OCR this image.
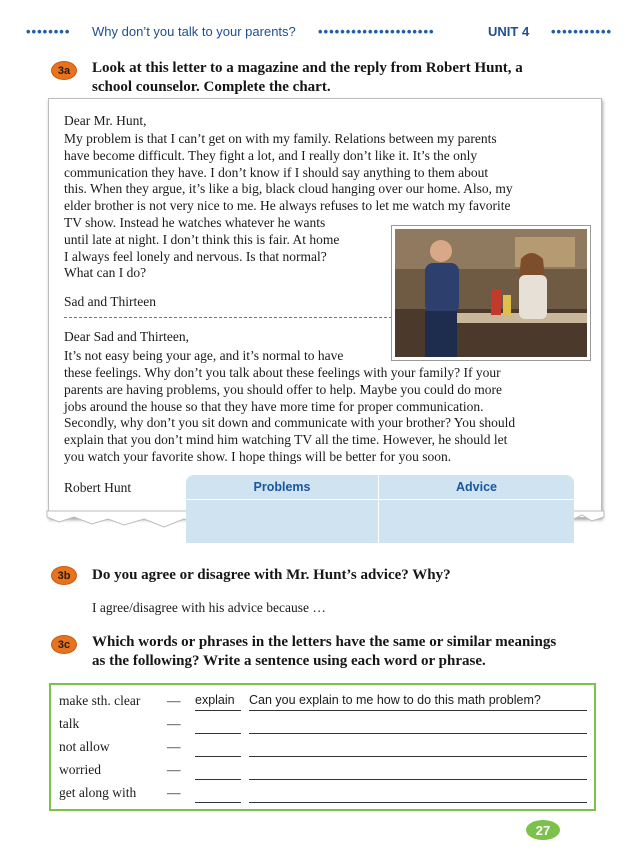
•••••••• Why don’t you talk to your parents? •••••••••••••••••••••	UNIT 4 •••••••••••
3a	Look at this letter to a magazine and the reply from Robert Hunt, a
school counselor. Complete the chart.
Dear Mr. Hunt,
My problem is that I can’t get on with my family. Relations between my parents
have become difficult. They fight a lot, and I really don’t like it. It’s the only
communication they have. I don’t know if I should say anything to them about
this. When they argue, it’s like a big, black cloud hanging over our home. Also, my
elder brother is not very nice to me. He always refuses to let me watch my favorite
TV show. Instead he watches whatever he wants
until late at night. I don’t think this is fair. At home
I always feel lonely and nervous. Is that normal?
What can I do?
Sad and Thirteen
Dear Sad and Thirteen,
It’s not easy being your age, and it’s normal to have
these feelings. Why don’t you talk about these feelings with your family? If your
parents are having problems, you should offer to help. Maybe you could do more
jobs around the house so that they have more time for proper communication.
Secondly, why don’t you sit down and communicate with your brother? You should
explain that you don’t mind him watching TV all the time. However, he should let
you watch your favorite show. I hope things will be better for you soon.
Robert Hunt	Problems	Advice
3b	Do you agree or disagree with Mr. Hunt’s advice? Why?
I agree/disagree with his advice because …
3c	Which words or phrases in the letters have the same or similar meanings
as the following? Write a sentence using each word or phrase.
make sth. clear — explain	Can you explain to me how to do this math problem?
talk	—
not allow	—
worried	—
get along with —
27
